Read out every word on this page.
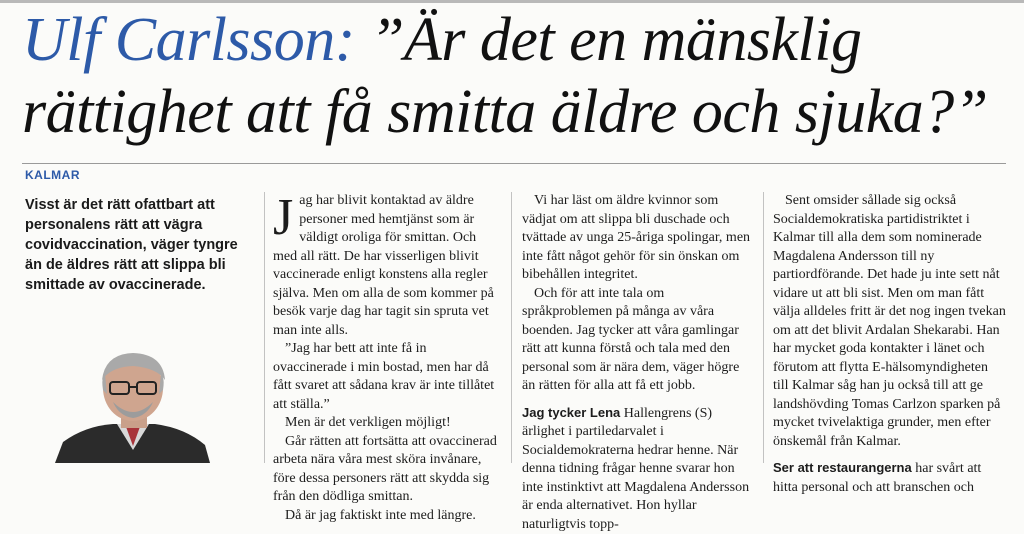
Ulf Carlsson: ”Är det en mänsklig
rättighet att få smitta äldre och sjuka?”
KALMAR

Visst är det rätt ofattbart att personalens rätt att vägra covidvaccination, väger tyngre än de äldres rätt att slippa bli smittade av ovaccinerade.

Jag har blivit kontaktad av äldre personer med hemtjänst som är väldigt oroliga för smittan. Och med all rätt. De har visserligen blivit vaccinerade enligt konstens alla regler själva. Men om alla de som kommer på besök varje dag har tagit sin spruta vet man inte alls.

”Jag har bett att inte få in ovaccinerade i min bostad, men har då fått svaret att sådana krav är inte tillåtet att ställa.”

Men är det verkligen möjligt!

Går rätten att fortsätta att ovaccinerad arbeta nära våra mest sköra invånare, före dessa personers rätt att skydda sig från den dödliga smittan.

Då är jag faktiskt inte med längre.

Vi har läst om äldre kvinnor som vädjat om att slippa bli duschade och tvättade av unga 25-åriga spolingar, men inte fått något gehör för sin önskan om bibehållen integritet.

Och för att inte tala om språkproblemen på många av våra boenden. Jag tycker att våra gamlingar rätt att kunna förstå och tala med den personal som är nära dem, väger högre än rätten för alla att få ett jobb.

Jag tycker Lena Hallengrens (S) ärlighet i partiledarvalet i Socialdemokraterna hedrar henne. När denna tidning frågar henne svarar hon inte instinktivt att Magdalena Andersson är enda alternativet. Hon hyllar naturligtvis topp-

Sent omsider sållade sig också Socialdemokratiska partidistriktet i Kalmar till alla dem som nominerade Magdalena Andersson till ny partiordförande. Det hade ju inte sett nåt vidare ut att bli sist. Men om man fått välja alldeles fritt är det nog ingen tvekan om att det blivit Ardalan Shekarabi. Han har mycket goda kontakter i länet och förutom att flytta E-hälsomyndigheten till Kalmar såg han ju också till att ge landshövding Tomas Carlzon sparken på mycket tvivelaktiga grunder, men efter önskemål från Kalmar.

Ser att restaurangerna har svårt att hitta personal och att branschen och
